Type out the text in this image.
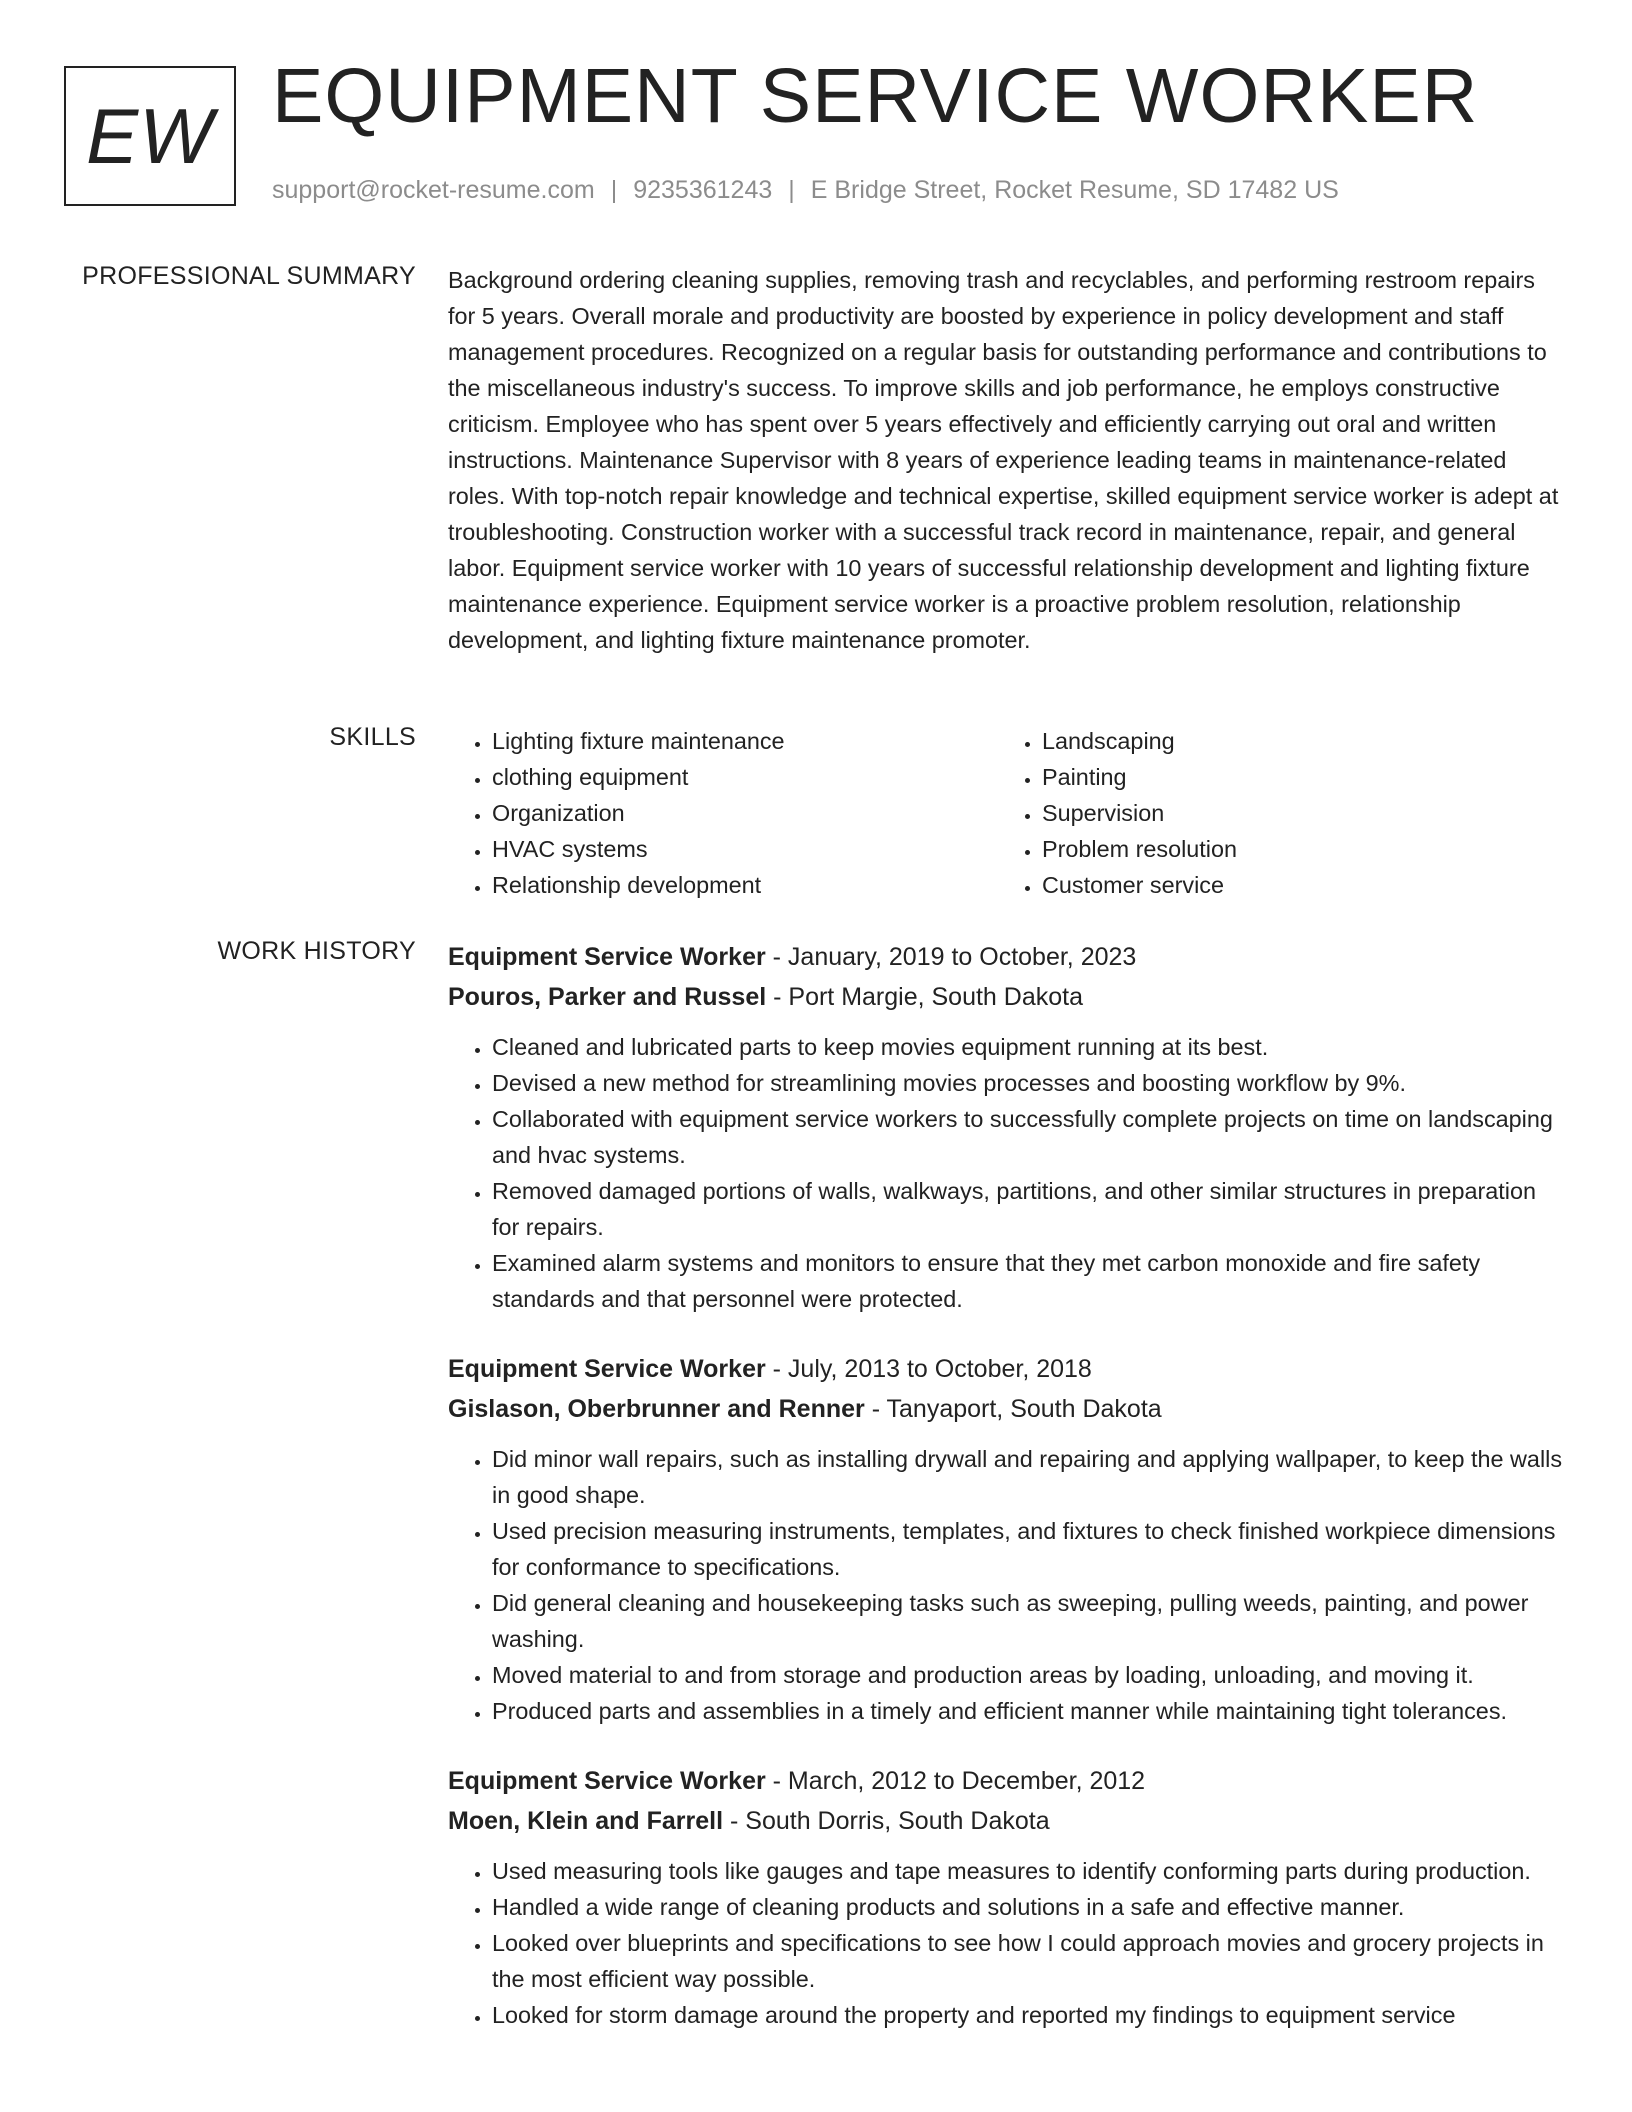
EW EQUIPMENT SERVICE WORKER
support@rocket-resume.com | 9235361243 | E Bridge Street, Rocket Resume, SD 17482 US
PROFESSIONAL SUMMARY Background ordering cleaning supplies, removing trash and recyclables, and performing restroom repairs for 5 years. Overall morale and productivity are boosted by experience in policy development and staff management procedures. Recognized on a regular basis for outstanding performance and contributions to the miscellaneous industry's success. To improve skills and job performance, he employs constructive criticism. Employee who has spent over 5 years effectively and efficiently carrying out oral and written instructions. Maintenance Supervisor with 8 years of experience leading teams in maintenance-related roles. With top-notch repair knowledge and technical expertise, skilled equipment service worker is adept at troubleshooting. Construction worker with a successful track record in maintenance, repair, and general labor. Equipment service worker with 10 years of successful relationship development and lighting fixture maintenance experience. Equipment service worker is a proactive problem resolution, relationship development, and lighting fixture maintenance promoter.

SKILLS
•	Lighting fixture maintenance
• clothing equipment
• Organization
• HVAC systems
• Relationship development
• Landscaping
• Painting
• Supervision
• Problem resolution
• Customer service
WORK HISTORY Equipment Service Worker - January, 2019 to October, 2023
Pouros, Parker and Russel - Port Margie, South Dakota
• Cleaned and lubricated parts to keep movies equipment running at its best.
• Devised a new method for streamlining movies processes and boosting workflow by 9%.
• Collaborated with equipment service workers to successfully complete projects on time on landscaping and hvac systems.
• Removed damaged portions of walls, walkways, partitions, and other similar structures in preparation for repairs.
• Examined alarm systems and monitors to ensure that they met carbon monoxide and fire safety standards and that personnel were protected.
Equipment Service Worker - July, 2013 to October, 2018
Gislason, Oberbrunner and Renner - Tanyaport, South Dakota
• Did minor wall repairs, such as installing drywall and repairing and applying wallpaper, to keep the walls in good shape.
• Used precision measuring instruments, templates, and fixtures to check finished workpiece dimensions for conformance to specifications.
• Did general cleaning and housekeeping tasks such as sweeping, pulling weeds, painting, and power washing.
• Moved material to and from storage and production areas by loading, unloading, and moving it.
• Produced parts and assemblies in a timely and efficient manner while maintaining tight tolerances.
Equipment Service Worker - March, 2012 to December, 2012
Moen, Klein and Farrell - South Dorris, South Dakota
• Used measuring tools like gauges and tape measures to identify conforming parts during production.
• Handled a wide range of cleaning products and solutions in a safe and effective manner.
• Looked over blueprints and specifications to see how I could approach movies and grocery projects in the most efficient way possible.
• Looked for storm damage around the property and reported my findings to equipment service
